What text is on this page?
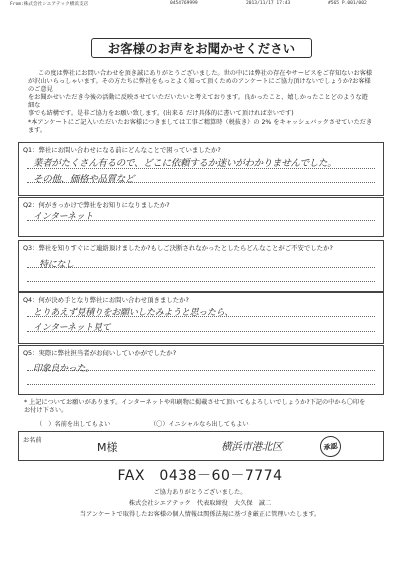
From:株式会社シエアテック横浜支店	0454769999	2013/11/17 17:43	#565 P.001/002
お客様のお声をお聞かせください

この度は弊社にお問い合わせを頂き誠にありがとうございました。世の中には弊社の存在やサービスをご存知ないお客様

が沢山いらっしゃいます。その方たちに弊社をもっとよく知って頂くためのアンケートにご協力頂けないでしょうか?お客様のご意見

をお聞かせいただき今後の活動に反映させていただいたいと考えております。良かったこと、嬉しかったことどのような遊細な

事でも結構です。是非ご協力をお願い致します。(出来る だけ具体的に書いて頂ければ幸いです)

*本アンケートにご記入いただいたお客様につきましては工事ご精算時（税抜き）の 2% をキャッシュバックさせていただきます。

Q1：弊社にお問い合わせになる前にどんなことで困っていましたか?
業者がたくさん有るので、どこに依頼するか迷いがわかりませんでした。
その他、価格や品質など
Q2：何がきっかけで弊社をお知りになりましたか?
インターネット
Q3：弊社を知りすぐにご連絡頂けましたか?もしご決断されなかったとしたらどんなことがご不安でしたか?
特になし
Q4：何が決め手となり弊社にお問い合わせ頂きましたか?
とりあえず見積りをお願いしたみようと思ったら、
インターネット見て
Q5：実際に弊社担当者がお伺いしていかがでしたか?
印象良かった。

* 上記についてお願いがあります。インターネットや印刷物に掲載させて頂いてもよろしいでしょうか?下記の中から〇印を

お付け下さい。

（　）名前を出してもよい	（〇）イニシャルなら出してもよい
お名前
M様	横浜市港北区	承認
FAX　0438－60－7774
ご協力ありがとうございました。
株式会社シエアテック　代表取締役　大久保　誠二
当アンケートで取得したお客様の個人情報は関係法規に基づき厳正に管理いたします。
